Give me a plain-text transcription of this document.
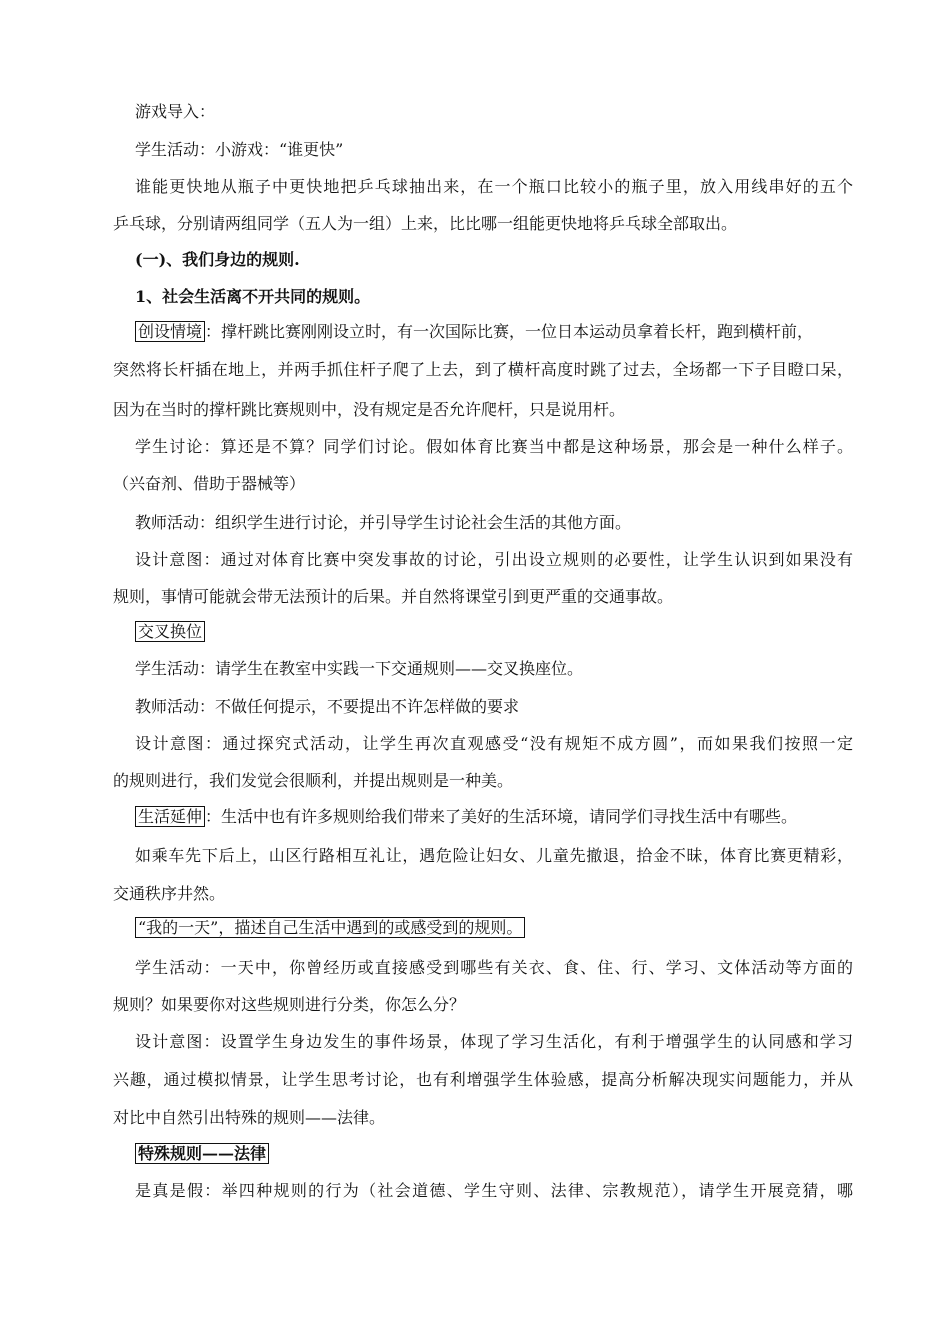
游戏导入：
学生活动：小游戏：“谁更快”
谁能更快地从瓶子中更快地把乒乓球抽出来，在一个瓶口比较小的瓶子里，放入用线串好的五个
乒乓球，分别请两组同学（五人为一组）上来，比比哪一组能更快地将乒乓球全部取出。
(一)、我们身边的规则.
1、社会生活离不开共同的规则。
创设情境 ：撑杆跳比赛刚刚设立时，有一次国际比赛，一位日本运动员拿着长杆，跑到横杆前，
突然将长杆插在地上，并两手抓住杆子爬了上去，到了横杆高度时跳了过去，全场都一下子目瞪口呆，
因为在当时的撑杆跳比赛规则中，没有规定是否允许爬杆，只是说用杆。
学生讨论：算还是不算？同学们讨论。假如体育比赛当中都是这种场景，那会是一种什么样子。
（兴奋剂、借助于器械等）
教师活动：组织学生进行讨论，并引导学生讨论社会生活的其他方面。
设计意图：通过对体育比赛中突发事故的讨论，引出设立规则的必要性，让学生认识到如果没有
规则，事情可能就会带无法预计的后果。并自然将课堂引到更严重的交通事故。
交叉换位
学生活动：请学生在教室中实践一下交通规则——交叉换座位。
教师活动：不做任何提示，不要提出不许怎样做的要求
设计意图：通过探究式活动，让学生再次直观感受“没有规矩不成方圆”，而如果我们按照一定
的规则进行，我们发觉会很顺利，并提出规则是一种美。
生活延伸 ：生活中也有许多规则给我们带来了美好的生活环境，请同学们寻找生活中有哪些。
如乘车先下后上，山区行路相互礼让，遇危险让妇女、儿童先撤退，拾金不昧，体育比赛更精彩，
交通秩序井然。
“我的一天”，描述自己生活中遇到的或感受到的规则。
学生活动：一天中，你曾经历或直接感受到哪些有关衣、食、住、行、学习、文体活动等方面的
规则？如果要你对这些规则进行分类，你怎么分？
设计意图：设置学生身边发生的事件场景，体现了学习生活化，有利于增强学生的认同感和学习
兴趣，通过模拟情景，让学生思考讨论，也有利增强学生体验感，提高分析解决现实问题能力，并从
对比中自然引出特殊的规则——法律。
特殊规则——法律
是真是假：举四种规则的行为（社会道德、学生守则、法律、宗教规范），请学生开展竞猜，哪
